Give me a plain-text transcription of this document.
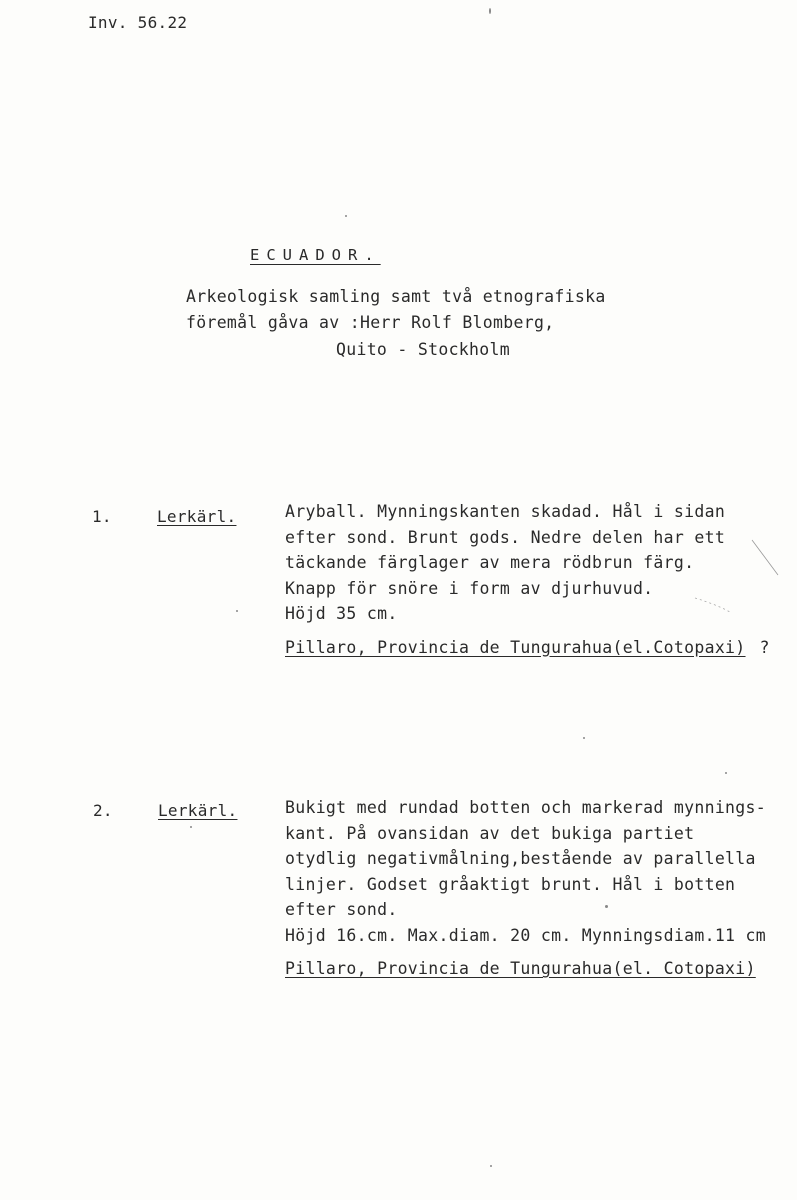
Inv. 56.22
ECUADOR.
Arkeologisk samling samt två etnografiska
föremål gåva av :Herr Rolf Blomberg,
Quito - Stockholm
1.	Lerkärl.	Aryball. Mynningskanten skadad. Hål i sidan
efter sond. Brunt gods. Nedre delen har ett
täckande färglager av mera rödbrun färg.
Knapp för snöre i form av djurhuvud.
Höjd 35 cm.
Pillaro, Provincia de Tungurahua(el.Cotopaxi) ?
2.	Lerkärl.	Bukigt med rundad botten och markerad mynnings-
kant. På ovansidan av det bukiga partiet
otydlig negativmålning,bestående av parallella
linjer. Godset gråaktigt brunt. Hål i botten
efter sond.
Höjd 16.cm. Max.diam. 20 cm. Mynningsdiam.11 cm
Pillaro, Provincia de Tungurahua(el. Cotopaxi)
